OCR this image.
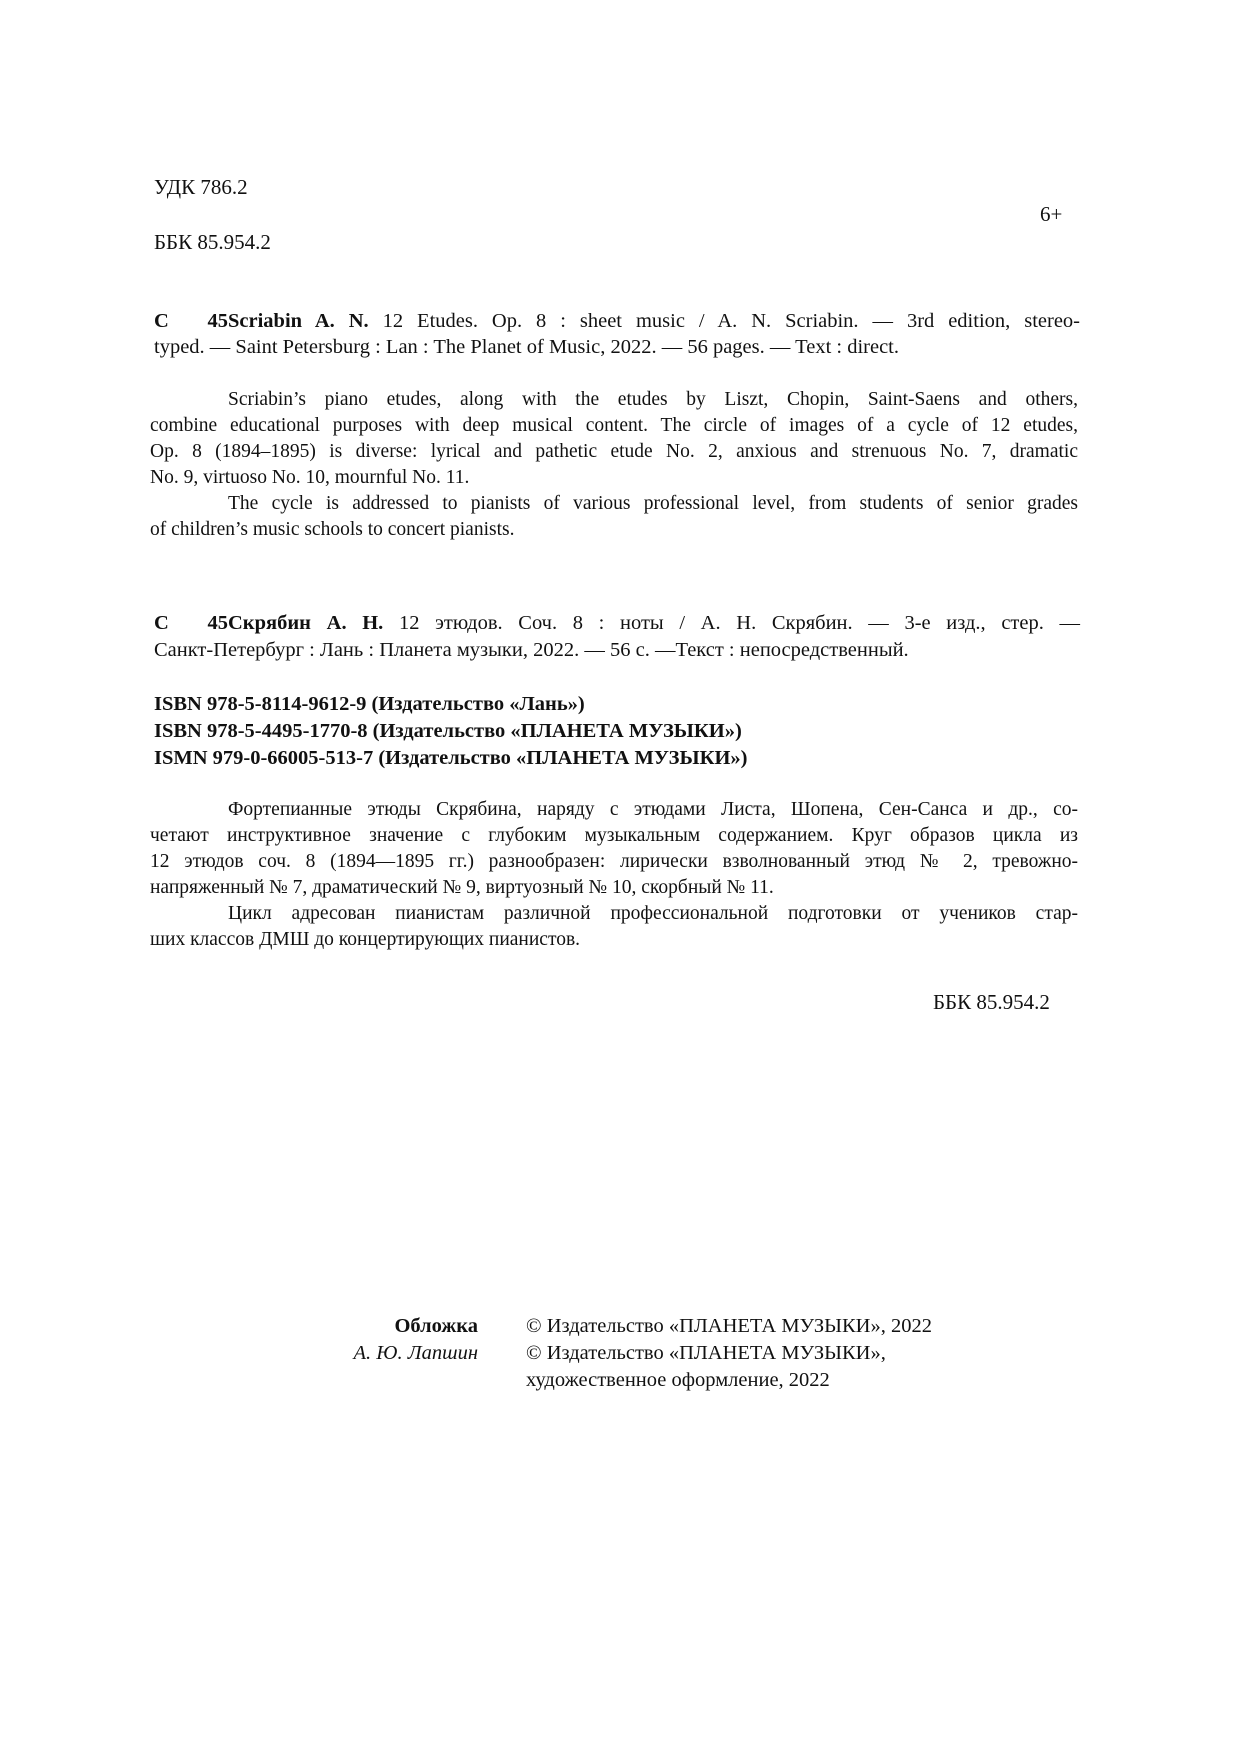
УДК 786.2
ББК 85.954.2
6+
С 45Scriabin A. N. 12 Etudes. Op. 8 : sheet music / A. N. Scriabin. — 3rd edition, stereo-
typed. — Saint Petersburg : Lan : The Planet of Music, 2022. — 56 pages. — Text : direct.
Scriabin’s piano etudes, along with the etudes by Liszt, Chopin, Saint-Saens and others,
combine educational purposes with deep musical content. The circle of images of a cycle of 12 etudes,
Op. 8 (1894–1895) is diverse: lyrical and pathetic etude No. 2, anxious and strenuous No. 7, dramatic
No. 9, virtuoso No. 10, mournful No. 11.
The cycle is addressed to pianists of various professional level, from students of senior grades
of children’s music schools to concert pianists.
С 45Скрябин А. Н. 12 этюдов. Соч. 8 : ноты / А. Н. Скрябин. — 3-е изд., стер. —
Санкт-Петербург : Лань : Планета музыки, 2022. — 56 с. —Текст : непосредственный.
ISBN 978-5-8114-9612-9 (Издательство «Лань»)
ISBN 978-5-4495-1770-8 (Издательство «ПЛАНЕТА МУЗЫКИ»)
ISMN 979-0-66005-513-7 (Издательство «ПЛАНЕТА МУЗЫКИ»)
Фортепианные этюды Скрябина, наряду с этюдами Листа, Шопена, Сен-Санса и др., со-
четают инструктивное значение с глубоким музыкальным содержанием. Круг образов цикла из
12 этюдов соч. 8 (1894—1895 гг.) разнообразен: лирически взволнованный этюд № 2, тревожно-
напряженный № 7, драматический № 9, виртуозный № 10, скорбный № 11.
Цикл адресован пианистам различной профессиональной подготовки от учеников стар-
ших классов ДМШ до концертирующих пианистов.
ББК 85.954.2
Обложка
А. Ю. Лапшин
© Издательство «ПЛАНЕТА МУЗЫКИ», 2022
© Издательство «ПЛАНЕТА МУЗЫКИ»,
художественное оформление, 2022
